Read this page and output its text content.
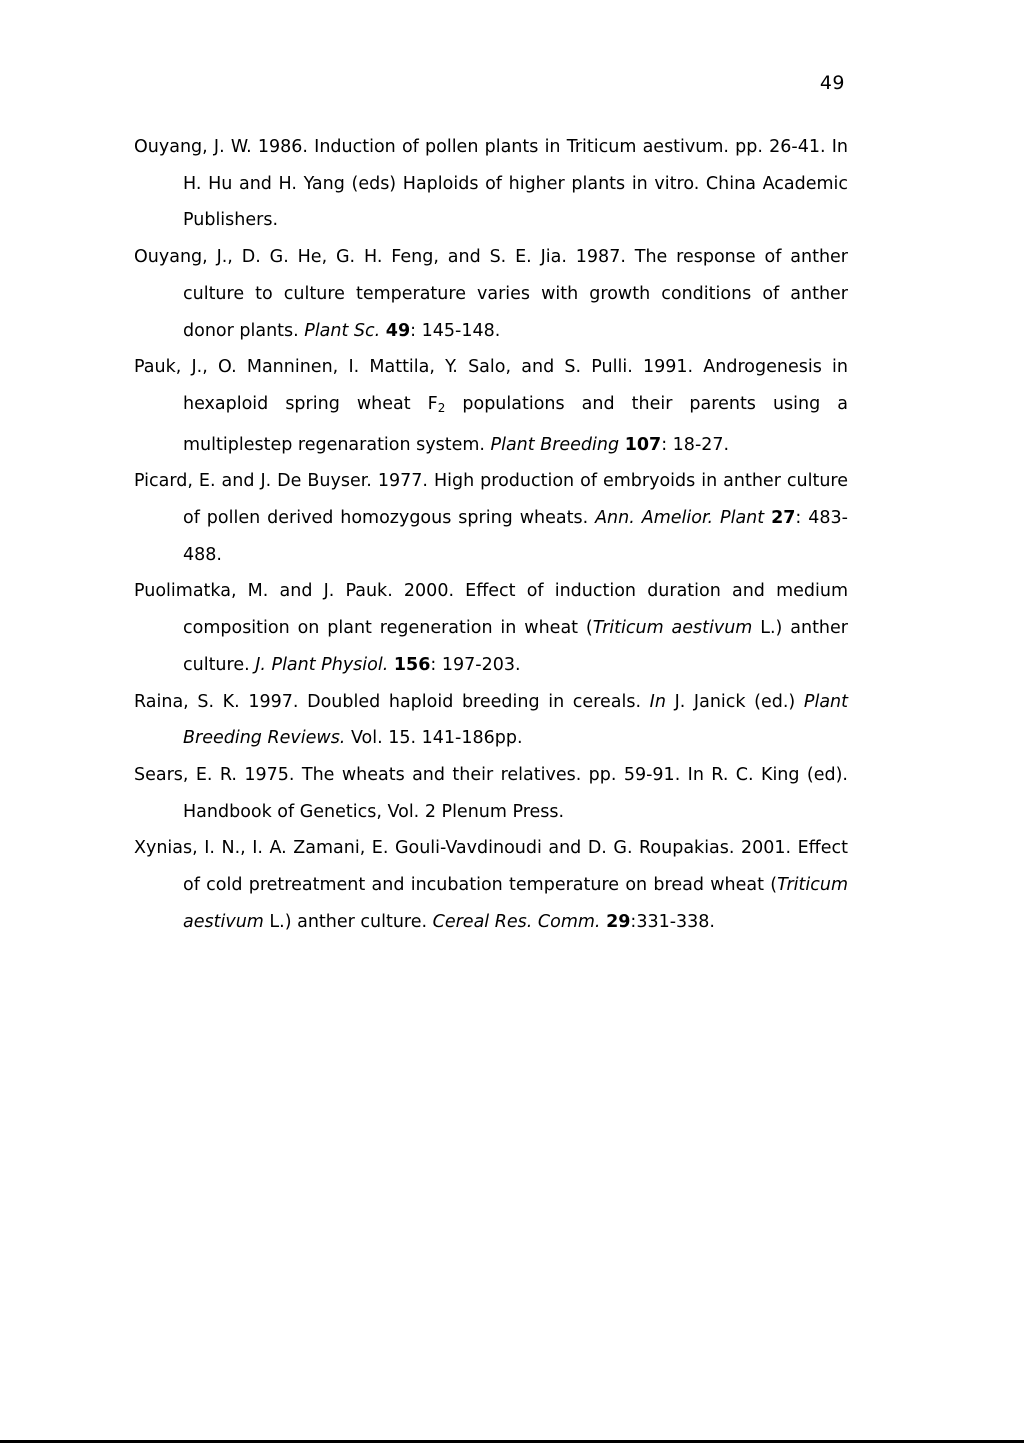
49
Ouyang, J. W. 1986. Induction of pollen plants in Triticum aestivum. pp. 26-41. In H. Hu and H. Yang (eds) Haploids of higher plants in vitro. China Academic Publishers.
Ouyang, J., D. G. He, G. H. Feng, and S. E. Jia. 1987. The response of anther culture to culture temperature varies with growth conditions of anther donor plants. Plant Sc. 49: 145-148.
Pauk, J., O. Manninen, I. Mattila, Y. Salo, and S. Pulli. 1991. Androgenesis in hexaploid spring wheat $F_2$ populations and their parents using a multiplestep regenaration system. Plant Breeding 107: 18-27.
Picard, E. and J. De Buyser. 1977. High production of embryoids in anther culture of pollen derived homozygous spring wheats. Ann. Amelior. Plant 27: 483-488.
Puolimatka, M. and J. Pauk. 2000. Effect of induction duration and medium composition on plant regeneration in wheat (Triticum aestivum L.) anther culture. J. Plant Physiol. 156: 197-203.
Raina, S. K. 1997. Doubled haploid breeding in cereals. In J. Janick (ed.) Plant Breeding Reviews. Vol. 15. 141-186pp.
Sears, E. R. 1975. The wheats and their relatives. pp. 59-91. In R. C. King (ed). Handbook of Genetics, Vol. 2 Plenum Press.
Xynias, I. N., I. A. Zamani, E. Gouli-Vavdinoudi and D. G. Roupakias. 2001. Effect of cold pretreatment and incubation temperature on bread wheat (Triticum aestivum L.) anther culture. Cereal Res. Comm. 29:331-338.
